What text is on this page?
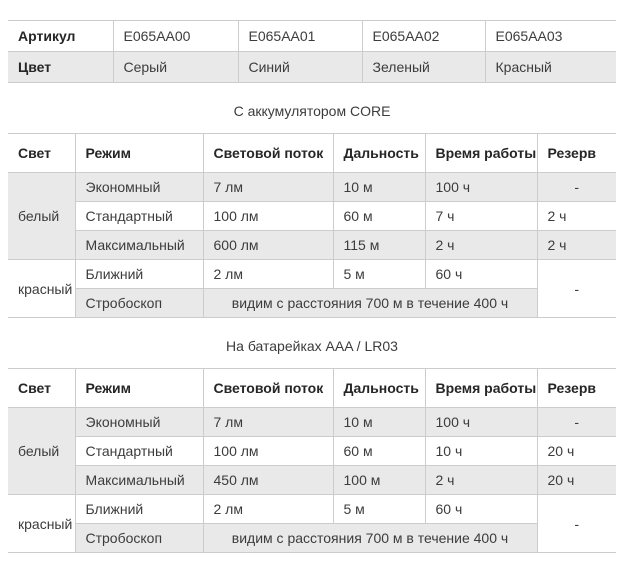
Артикул	E065AA00	E065AA01	E065AA02	E065AA03
Цвет	Серый	Синий	Зеленый	Красный
С аккумулятором CORE
Свет	Режим	Световой поток	Дальность	Время работы	Резерв
белый	Экономный	7 лм	10 м	100 ч	-
	Стандартный	100 лм	60 м	7 ч	2 ч
	Максимальный	600 лм	115 м	2 ч	2 ч
красный	Ближний	2 лм	5 м	60 ч	-
	Стробоскоп	видим с расстояния 700 м в течение 400 ч			
На батарейках AAA / LR03
Свет	Режим	Световой поток	Дальность	Время работы	Резерв
белый	Экономный	7 лм	10 м	100 ч	-
	Стандартный	100 лм	60 м	10 ч	20 ч
	Максимальный	450 лм	100 м	2 ч	20 ч
красный	Ближний	2 лм	5 м	60 ч	-
	Стробоскоп	видим с расстояния 700 м в течение 400 ч			
